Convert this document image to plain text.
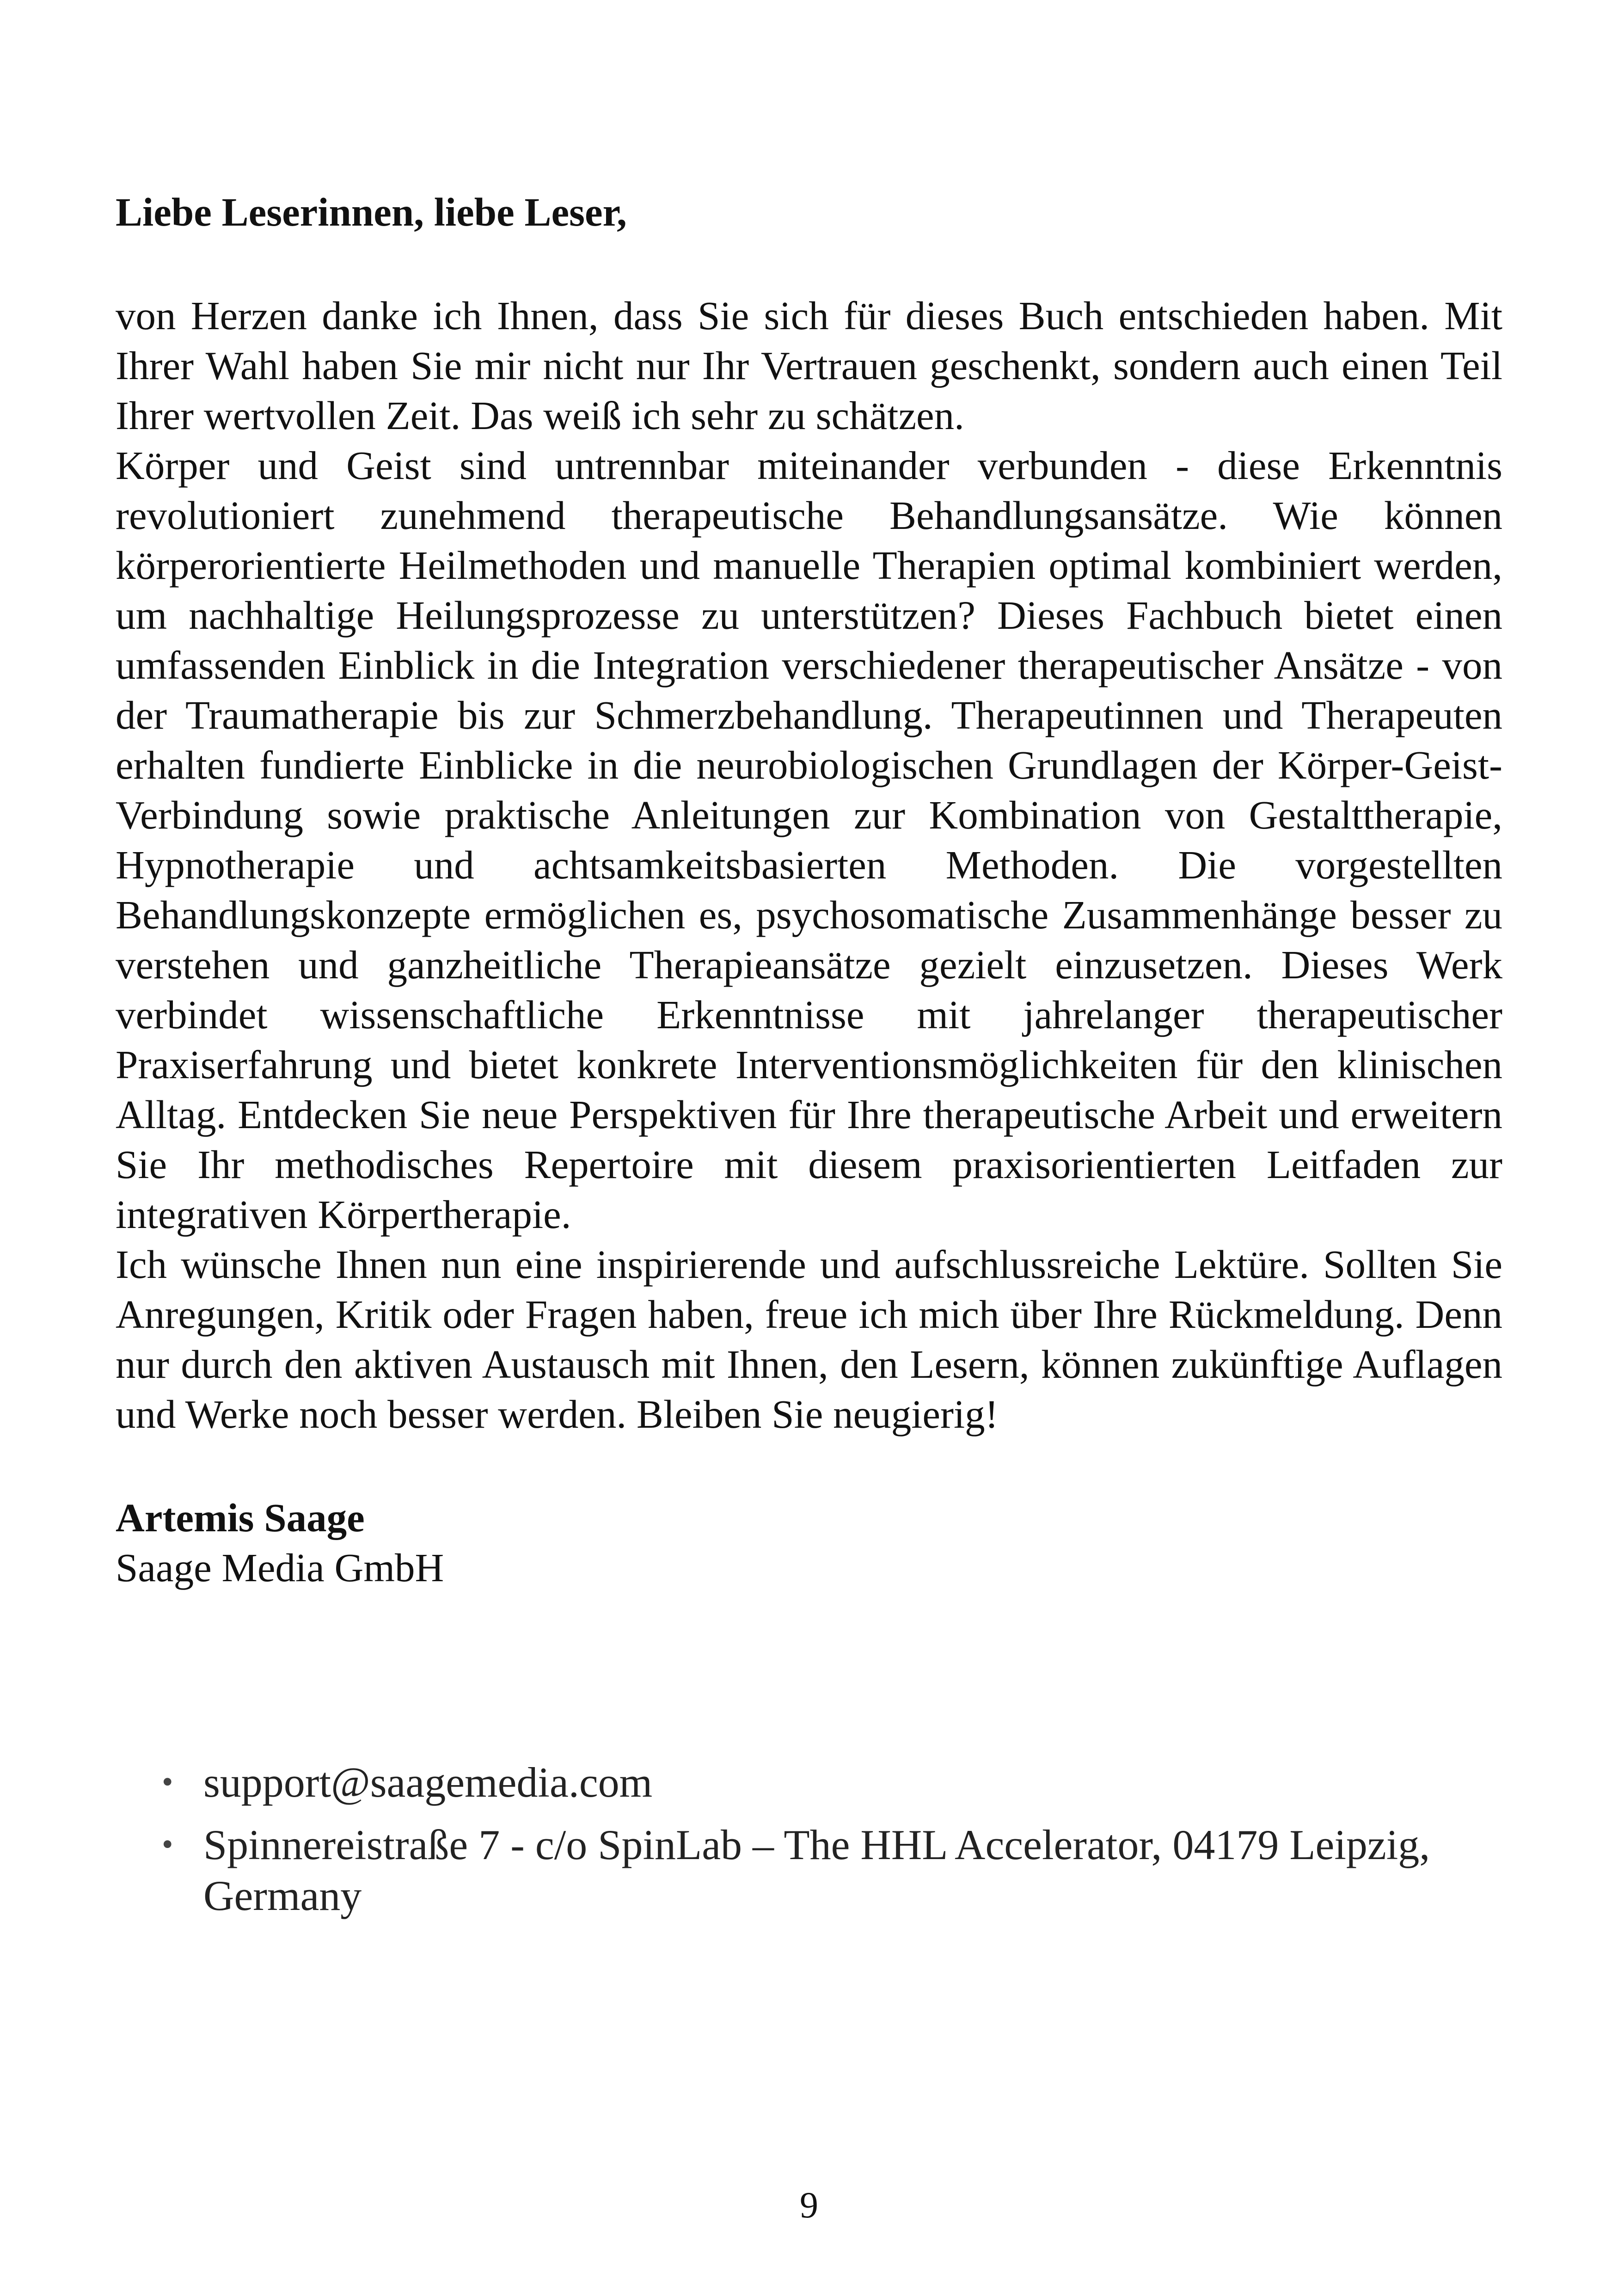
Liebe Leserinnen, liebe Leser,

von Herzen danke ich Ihnen, dass Sie sich für dieses Buch entschieden haben. Mit Ihrer Wahl haben Sie mir nicht nur Ihr Vertrauen geschenkt, sondern auch einen Teil Ihrer wertvollen Zeit. Das weiß ich sehr zu schätzen.

Körper und Geist sind untrennbar miteinander verbunden - diese Erkenntnis revolutioniert zunehmend therapeutische Behandlungsansätze. Wie können körperorientierte Heilmethoden und manuelle Therapien optimal kombiniert werden, um nachhaltige Heilungsprozesse zu unterstützen? Dieses Fachbuch bietet einen umfassenden Einblick in die Integration verschiedener therapeutischer Ansätze - von der Traumatherapie bis zur Schmerzbehandlung. Therapeutinnen und Therapeuten erhalten fundierte Einblicke in die neurobiologischen Grundlagen der Körper-Geist-Verbindung sowie praktische Anleitungen zur Kombination von Gestalttherapie, Hypnotherapie und achtsamkeitsbasierten Methoden. Die vorgestellten Behandlungskonzepte ermöglichen es, psychosomatische Zusammenhänge besser zu verstehen und ganzheitliche Therapieansätze gezielt einzusetzen. Dieses Werk verbindet wissenschaftliche Erkenntnisse mit jahrelanger therapeutischer Praxiserfahrung und bietet konkrete Interventionsmöglichkeiten für den klinischen Alltag. Entdecken Sie neue Perspektiven für Ihre therapeutische Arbeit und erweitern Sie Ihr methodisches Repertoire mit diesem praxisorientierten Leitfaden zur integrativen Körpertherapie.

Ich wünsche Ihnen nun eine inspirierende und aufschlussreiche Lektüre. Sollten Sie Anregungen, Kritik oder Fragen haben, freue ich mich über Ihre Rückmeldung. Denn nur durch den aktiven Austausch mit Ihnen, den Lesern, können zukünftige Auflagen und Werke noch besser werden. Bleiben Sie neugierig!

Artemis Saage

Saage Media GmbH

• support@saagemedia.com
• Spinnereistraße 7 - c/o SpinLab – The HHL Accelerator, 04179 Leipzig, Germany
9
